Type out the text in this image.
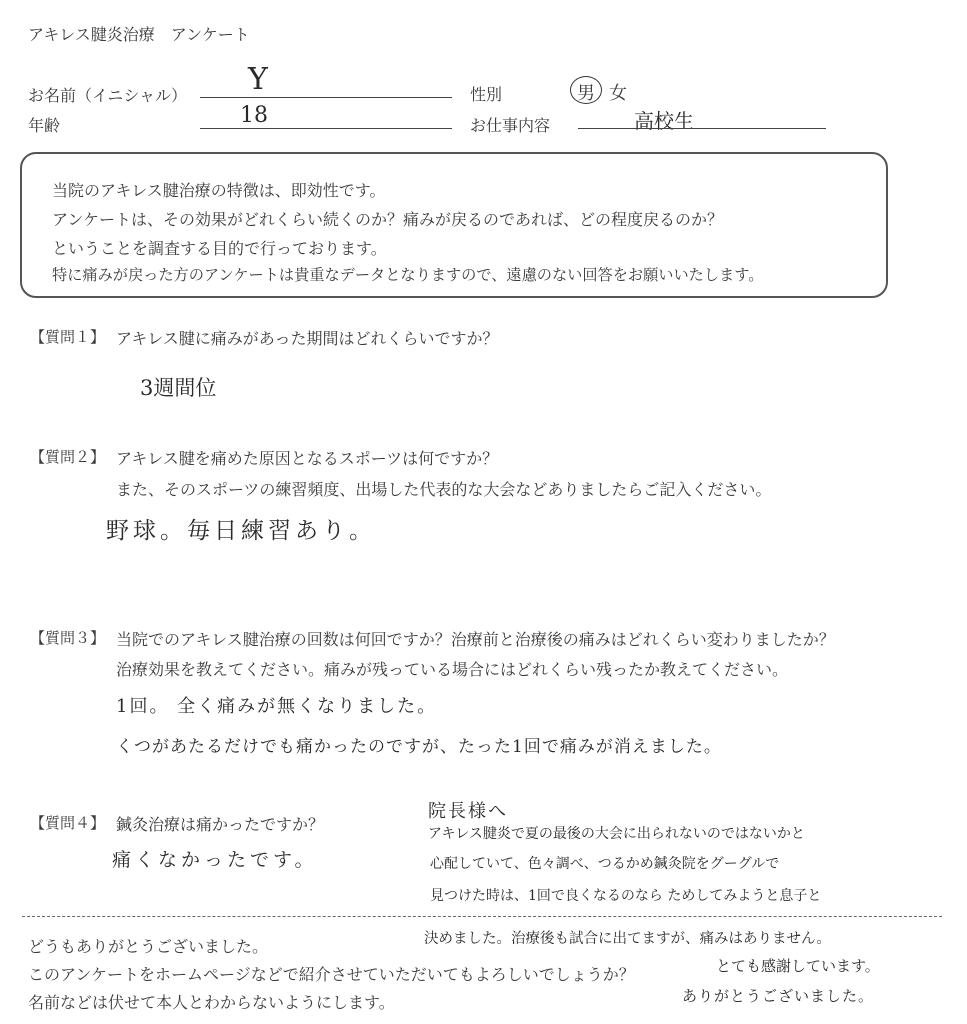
アキレス腱炎治療　アンケート
お名前（イニシャル） Y	性別	男 女
年齢	18	お仕事内容	高校生
当院のアキレス腱治療の特徴は、即効性です。
アンケートは、その効果がどれくらい続くのか？痛みが戻るのであれば、どの程度戻るのか？
ということを調査する目的で行っております。
特に痛みが戻った方のアンケートは貴重なデータとなりますので、遠慮のない回答をお願いいたします。
【質問１】 アキレス腱に痛みがあった期間はどれくらいですか？
3週間位
【質問２】 アキレス腱を痛めた原因となるスポーツは何ですか？
また、そのスポーツの練習頻度、出場した代表的な大会などありましたらご記入ください。
野球。毎日練習あり。
【質問３】 当院でのアキレス腱治療の回数は何回ですか？治療前と治療後の痛みはどれくらい変わりましたか？
治療効果を教えてください。痛みが残っている場合にはどれくらい残ったか教えてください。
1回。 全く痛みが無くなりました。
くつがあたるだけでも痛かったのですが、たった1回で痛みが消えました。
【質問４】 鍼灸治療は痛かったですか？
痛くなかったです。
院長様へ
アキレス腱炎で夏の最後の大会に出られないのではないかと
心配していて、色々調べ、つるかめ鍼灸院をグーグルで
見つけた時は、1回で良くなるのなら ためしてみようと息子と
決めました。治療後も試合に出てますが、痛みはありません。
とても感謝しています。
ありがとうございました。
どうもありがとうございました。
このアンケートをホームページなどで紹介させていただいてもよろしいでしょうか？
名前などは伏せて本人とわからないようにします。
